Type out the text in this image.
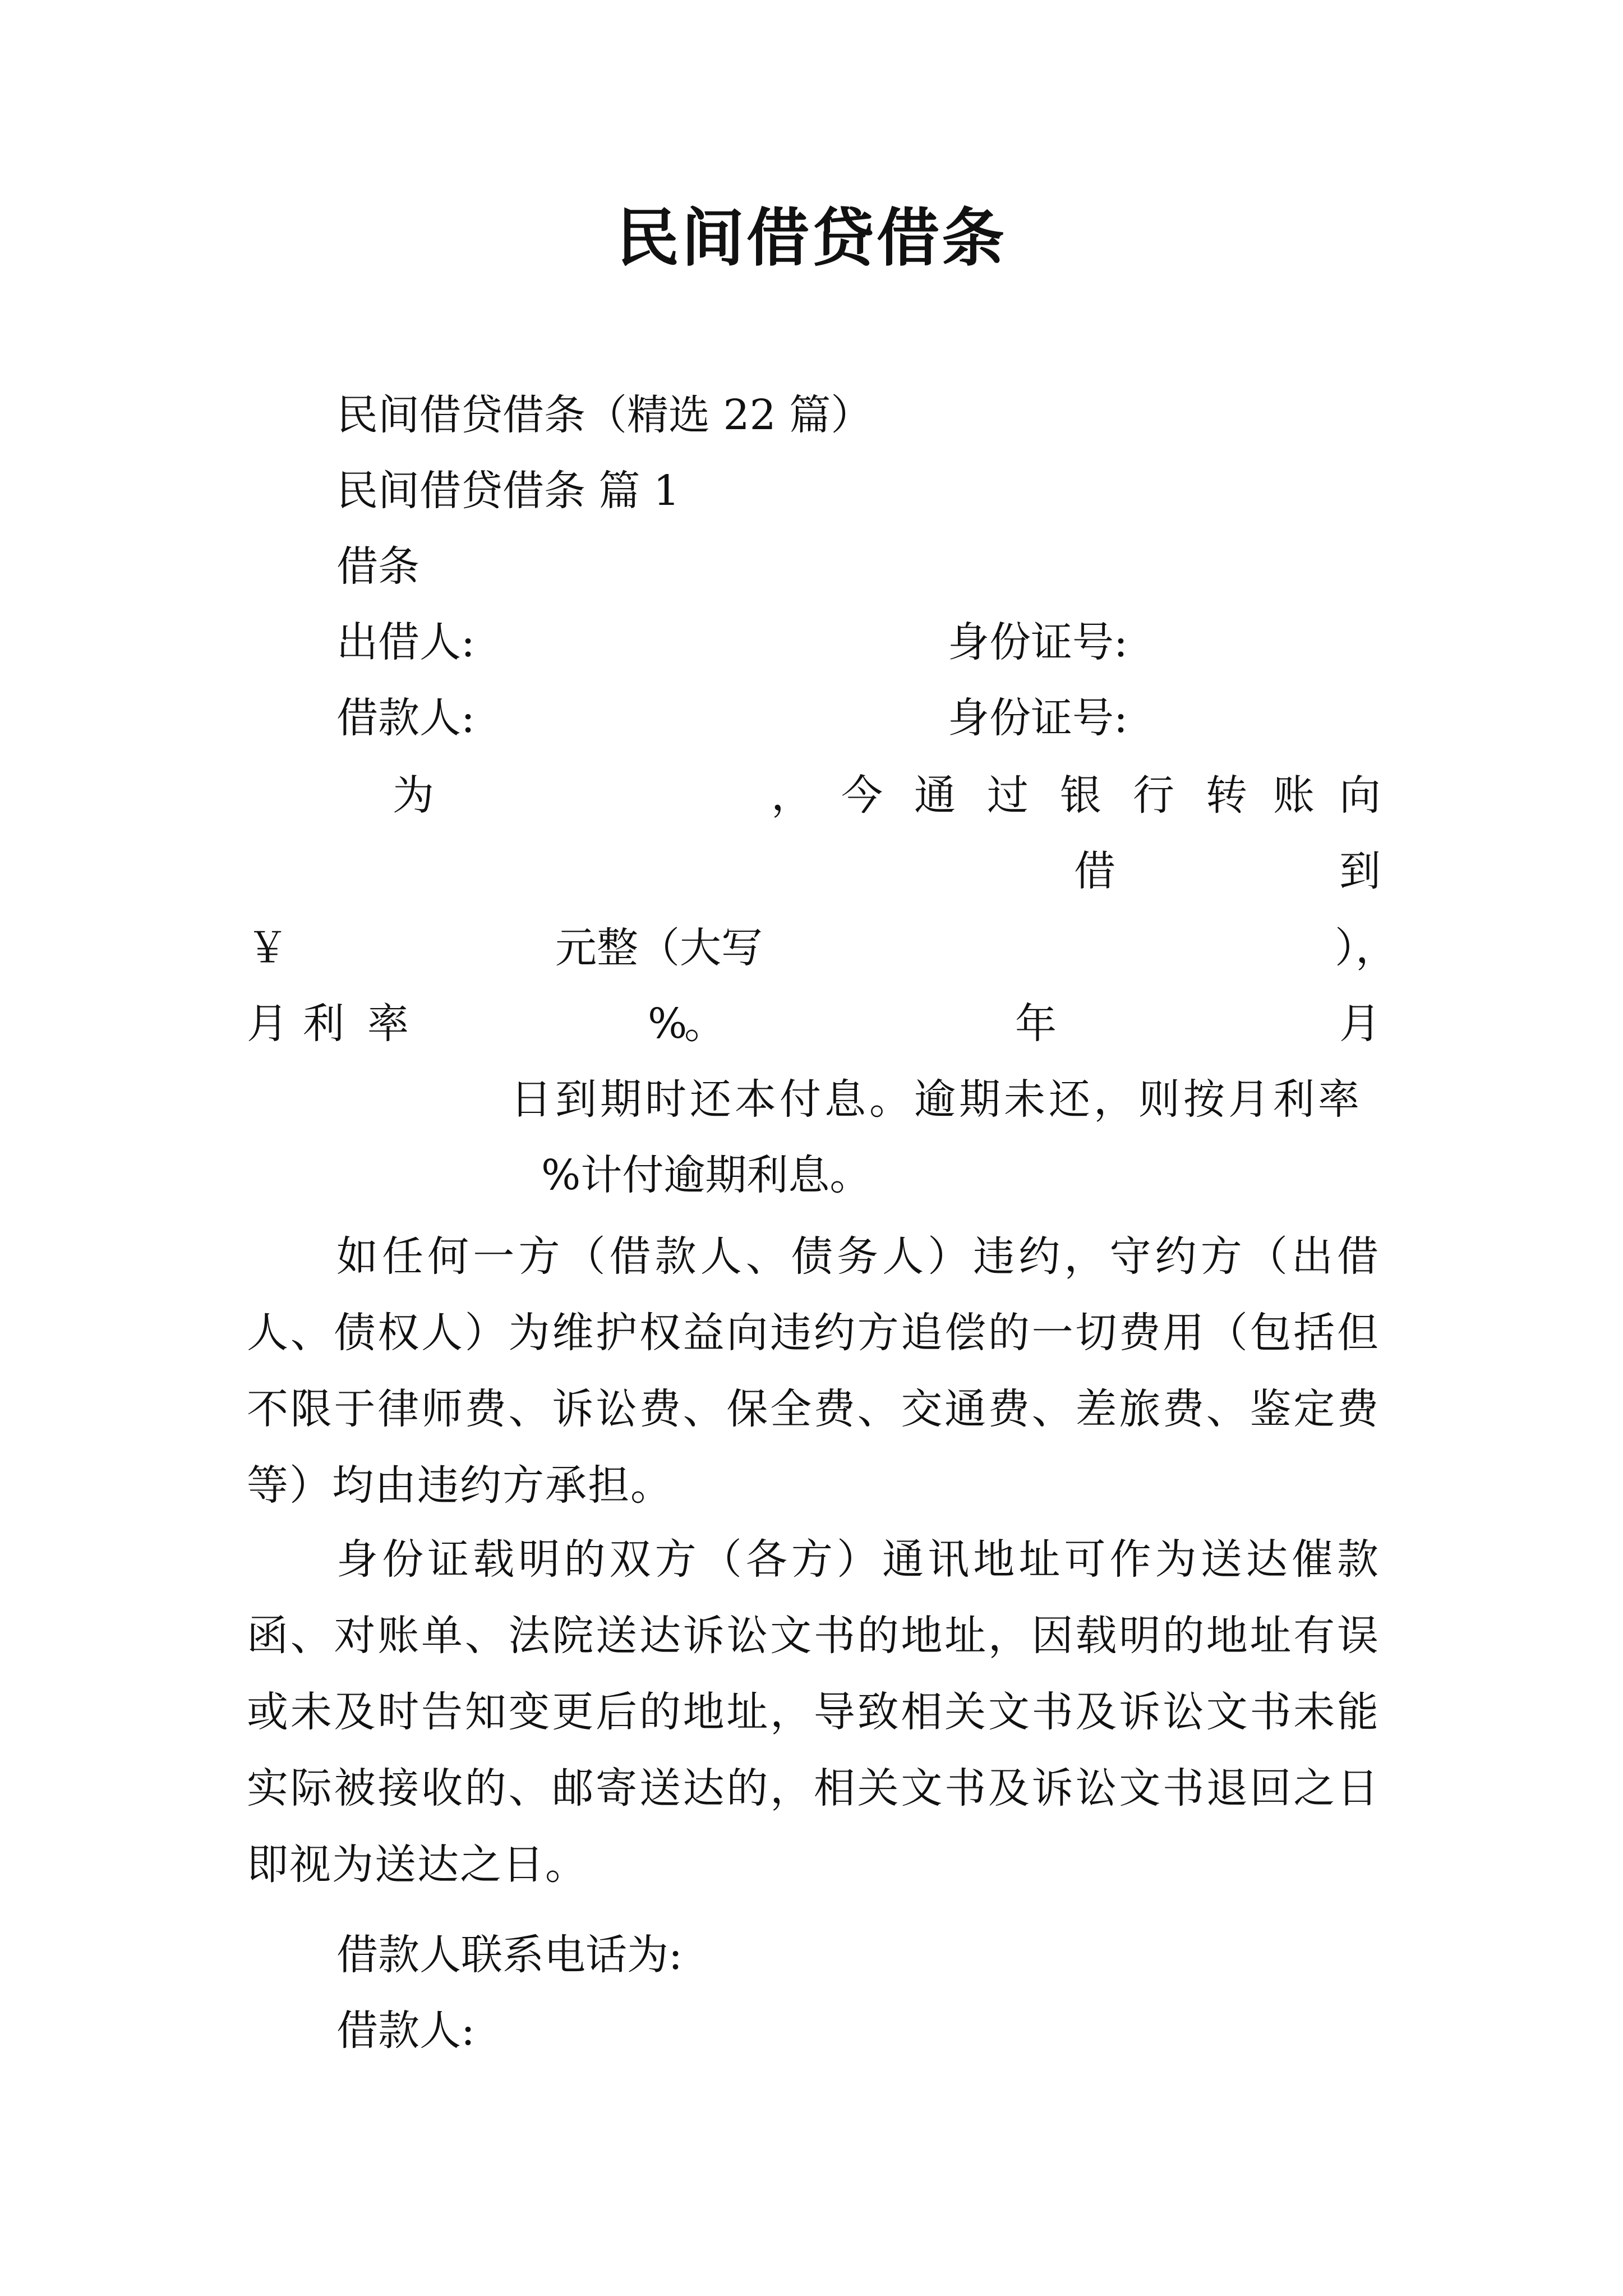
民间借贷借条
民间借贷借条（精选 22 篇）
民间借贷借条 篇 1
借条
出借人:	身份证号:
借款人:	身份证号:
为	， 今 通 过 银 行 转 账 向
借	到
￥	元整（大写	），
月 利 率	%
。	年	月
日到期时还本付息。逾期未还，则按月利率
%计付逾期利息。
如任何一方（借款人、债务人）违约，守约方（出借人、债权人）为维护权益向违约方追偿的一切费用（包括但不限于律师费、诉讼费、保全费、交通费、差旅费、鉴定费等）均由违约方承担。
身份证载明的双方（各方）通讯地址可作为送达催款函、对账单、法院送达诉讼文书的地址，因载明的地址有误或未及时告知变更后的地址，导致相关文书及诉讼文书未能实际被接收的、邮寄送达的，相关文书及诉讼文书退回之日即视为送达之日。
借款人联系电话为:
借款人:
